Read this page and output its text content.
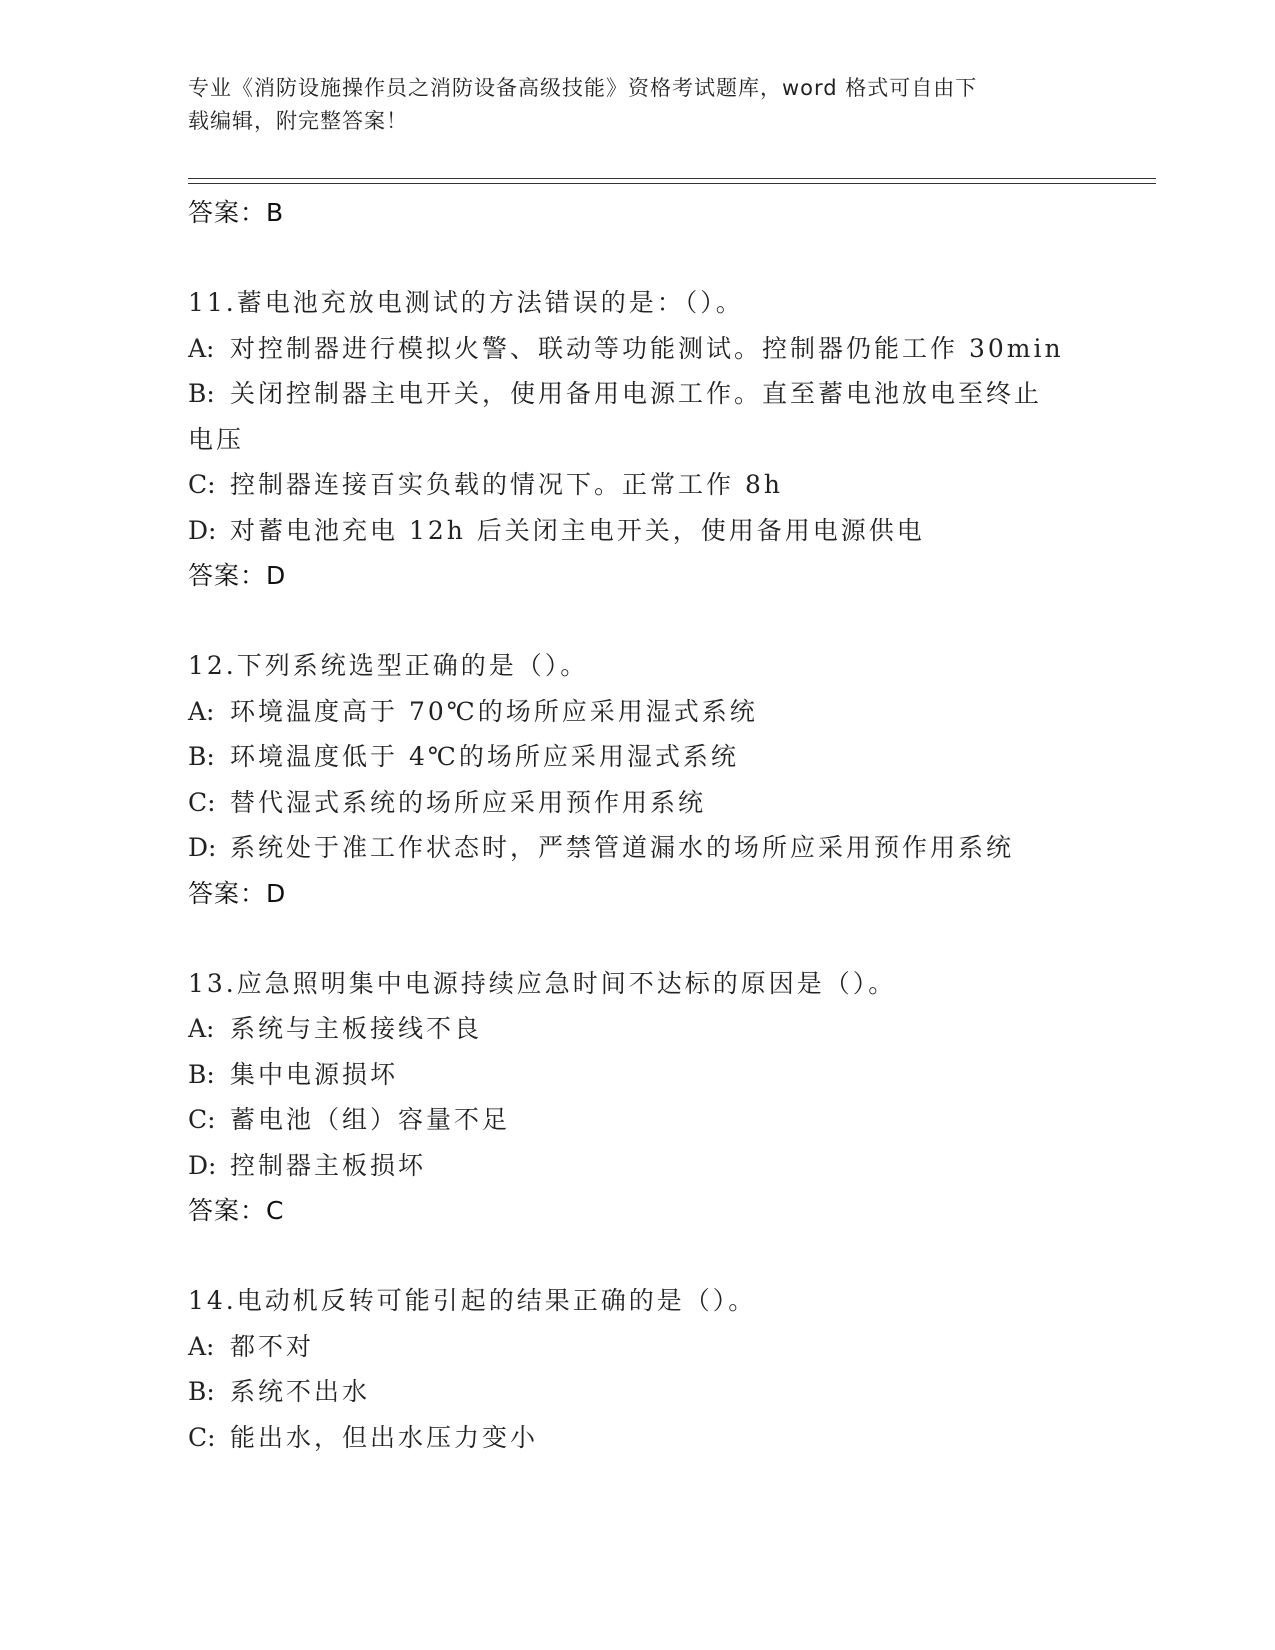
专业《消防设施操作员之消防设备高级技能》资格考试题库，word 格式可自由下
载编辑，附完整答案！
答案：B
11.蓄电池充放电测试的方法错误的是：（）。
A: 对控制器进行模拟火警、联动等功能测试。控制器仍能工作 30min
B: 关闭控制器主电开关，使用备用电源工作。直至蓄电池放电至终止
电压
C: 控制器连接百实负载的情况下。正常工作 8h
D: 对蓄电池充电 12h 后关闭主电开关，使用备用电源供电
答案：D
12.下列系统选型正确的是（）。
A: 环境温度高于 70℃的场所应采用湿式系统
B: 环境温度低于 4℃的场所应采用湿式系统
C: 替代湿式系统的场所应采用预作用系统
D: 系统处于准工作状态时，严禁管道漏水的场所应采用预作用系统
答案：D
13.应急照明集中电源持续应急时间不达标的原因是（）。
A: 系统与主板接线不良
B: 集中电源损坏
C: 蓄电池（组）容量不足
D: 控制器主板损坏
答案：C
14.电动机反转可能引起的结果正确的是（）。
A: 都不对
B: 系统不出水
C: 能出水，但出水压力变小
